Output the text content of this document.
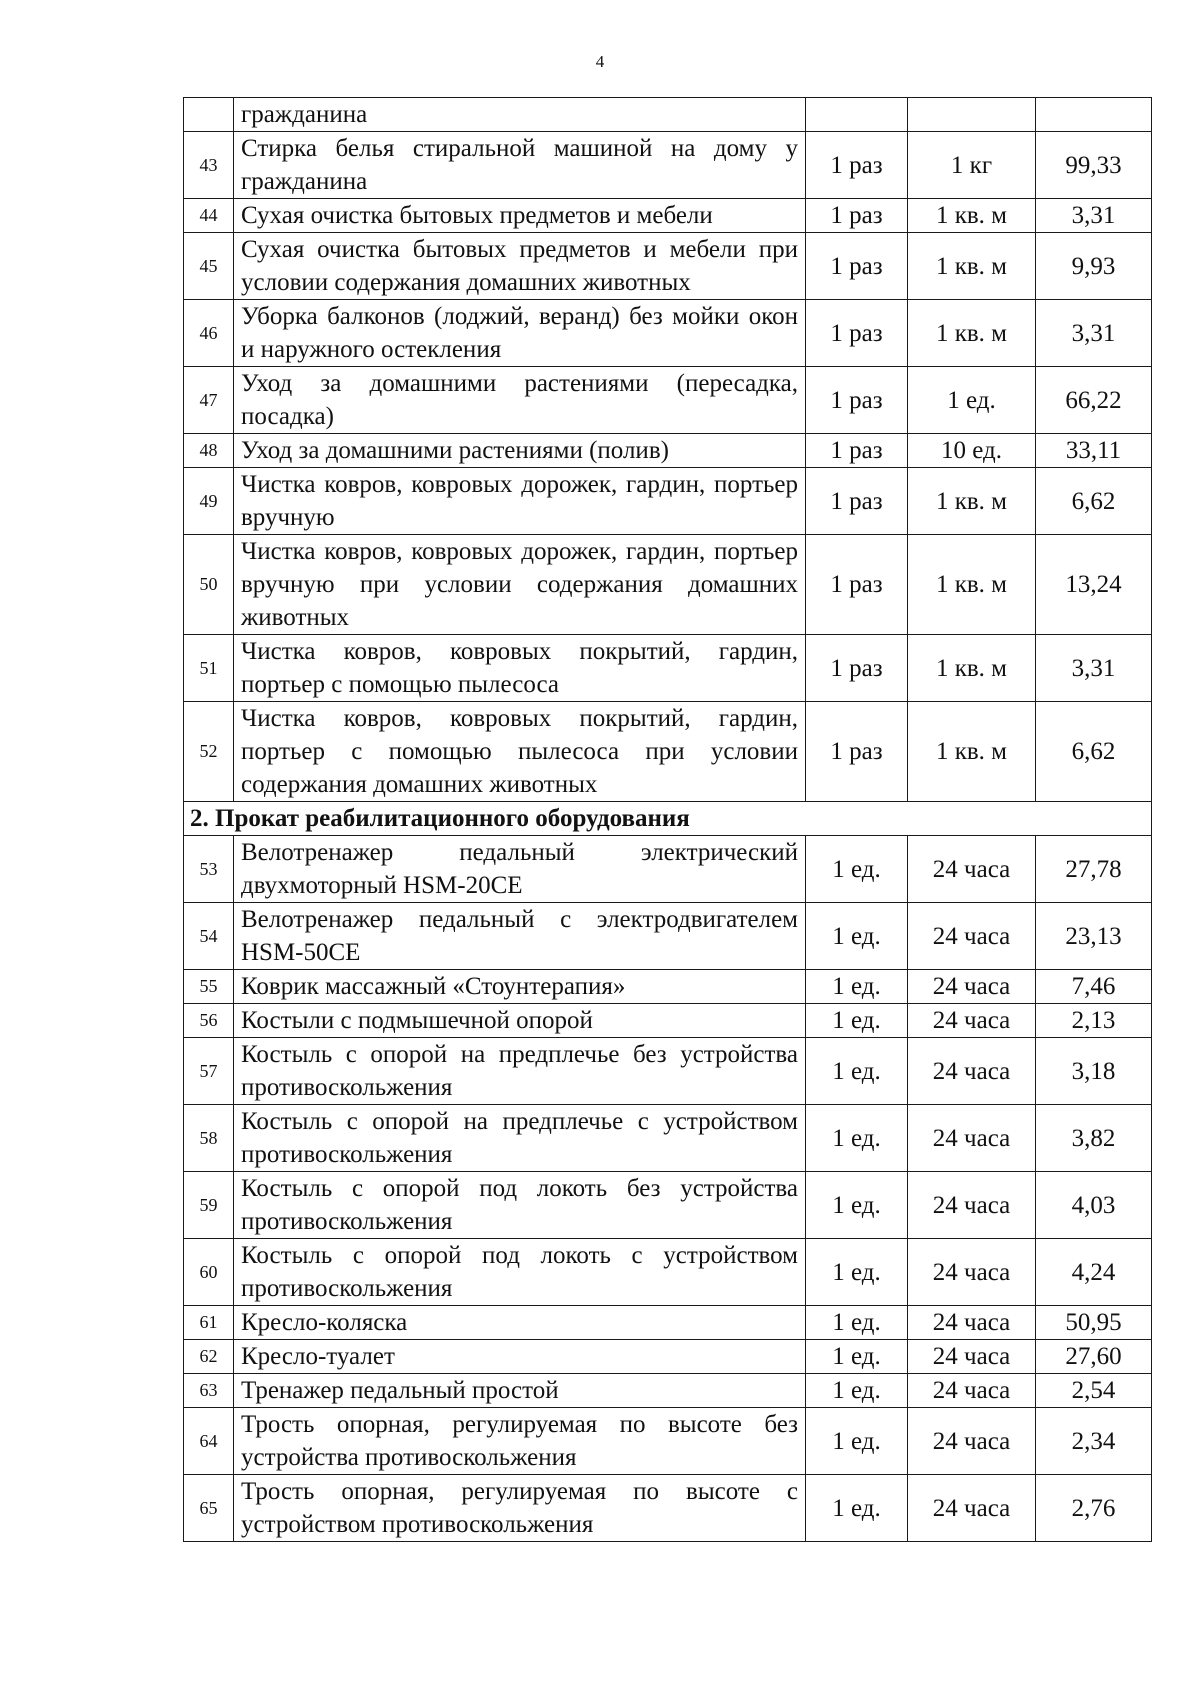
4
	гражданина			
43	Стирка белья стиральной машиной на дому у гражданина	1 раз	1 кг	99,33
44	Сухая очистка бытовых предметов и мебели	1 раз	1 кв. м	3,31
45	Сухая очистка бытовых предметов и мебели при условии содержания домашних животных	1 раз	1 кв. м	9,93
46	Уборка балконов (лоджий, веранд) без мойки окон и наружного остекления	1 раз	1 кв. м	3,31
47	Уход за домашними растениями (пересадка, посадка)	1 раз	1 ед.	66,22
48	Уход за домашними растениями (полив)	1 раз	10 ед.	33,11
49	Чистка ковров, ковровых дорожек, гардин, портьер вручную	1 раз	1 кв. м	6,62
50	Чистка ковров, ковровых дорожек, гардин, портьер вручную при условии содержания домашних животных	1 раз	1 кв. м	13,24
51	Чистка ковров, ковровых покрытий, гардин, портьер с помощью пылесоса	1 раз	1 кв. м	3,31
52	Чистка ковров, ковровых покрытий, гардин, портьер с помощью пылесоса при условии содержания домашних животных	1 раз	1 кв. м	6,62
2. Прокат реабилитационного оборудования				
53	Велотренажер педальный электрический двухмоторный HSM-20CE	1 ед.	24 часа	27,78
54	Велотренажер педальный с электродвигателем HSM-50CE	1 ед.	24 часа	23,13
55	Коврик массажный «Стоунтерапия»	1 ед.	24 часа	7,46
56	Костыли с подмышечной опорой	1 ед.	24 часа	2,13
57	Костыль с опорой на предплечье без устройства противоскольжения	1 ед.	24 часа	3,18
58	Костыль с опорой на предплечье с устройством противоскольжения	1 ед.	24 часа	3,82
59	Костыль с опорой под локоть без устройства противоскольжения	1 ед.	24 часа	4,03
60	Костыль с опорой под локоть с устройством противоскольжения	1 ед.	24 часа	4,24
61	Кресло-коляска	1 ед.	24 часа	50,95
62	Кресло-туалет	1 ед.	24 часа	27,60
63	Тренажер педальный простой	1 ед.	24 часа	2,54
64	Трость опорная, регулируемая по высоте без устройства противоскольжения	1 ед.	24 часа	2,34
65	Трость опорная, регулируемая по высоте с устройством противоскольжения	1 ед.	24 часа	2,76
